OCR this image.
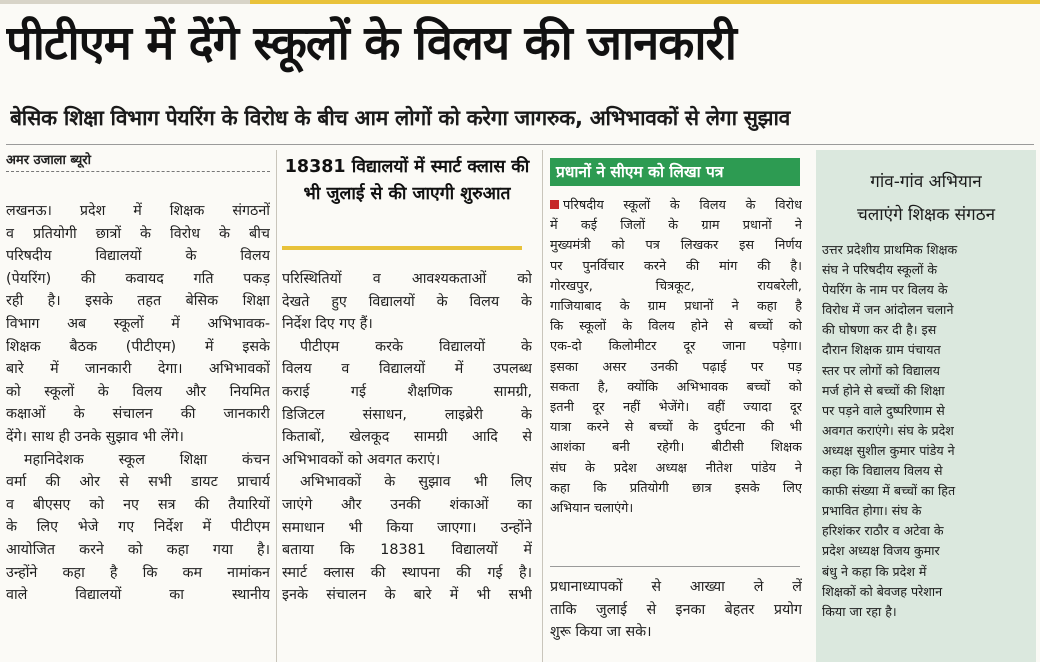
पीटीएम में देंगे स्कूलों के विलय की जानकारी
बेसिक शिक्षा विभाग पेयरिंग के विरोध के बीच आम लोगों को करेगा जागरुक, अभिभावकों से लेगा सुझाव
अमर उजाला ब्यूरो

लखनऊ। प्रदेश में शिक्षक संगठनों

व प्रतियोगी छात्रों के विरोध के बीच

परिषदीय विद्यालयों के विलय

(पेयरिंग) की कवायद गति पकड़

रही है। इसके तहत बेसिक शिक्षा

विभाग अब स्कूलों में अभिभावक-

शिक्षक बैठक (पीटीएम) में इसके

बारे में जानकारी देगा। अभिभावकों

को स्कूलों के विलय और नियमित

कक्षाओं के संचालन की जानकारी

देंगे। साथ ही उनके सुझाव भी लेंगे।

महानिदेशक स्कूल शिक्षा कंचन

वर्मा की ओर से सभी डायट प्राचार्य

व बीएसए को नए सत्र की तैयारियों

के लिए भेजे गए निर्देश में पीटीएम

आयोजित करने को कहा गया है।

उन्होंने कहा है कि कम नामांकन

वाले विद्यालयों का स्थानीय

18381 विद्यालयों में स्मार्ट क्लास की भी जुलाई से की जाएगी शुरुआत

परिस्थितियों व आवश्यकताओं को

देखते हुए विद्यालयों के विलय के

निर्देश दिए गए हैं।

पीटीएम करके विद्यालयों के

विलय व विद्यालयों में उपलब्ध

कराई गई शैक्षणिक सामग्री,

डिजिटल संसाधन, लाइब्रेरी के

किताबों, खेलकूद सामग्री आदि से

अभिभावकों को अवगत कराएं।

अभिभावकों के सुझाव भी लिए

जाएंगे और उनकी शंकाओं का

समाधान भी किया जाएगा। उन्होंने

बताया कि 18381 विद्यालयों में

स्मार्ट क्लास की स्थापना की गई है।

इनके संचालन के बारे में भी सभी

प्रधानों ने सीएम को लिखा पत्र

परिषदीय स्कूलों के विलय के विरोध

में कई जिलों के ग्राम प्रधानों ने

मुख्यमंत्री को पत्र लिखकर इस निर्णय

पर पुनर्विचार करने की मांग की है।

गोरखपुर, चित्रकूट, रायबरेली,

गाजियाबाद के ग्राम प्रधानों ने कहा है

कि स्कूलों के विलय होने से बच्चों को

एक-दो किलोमीटर दूर जाना पड़ेगा।

इसका असर उनकी पढ़ाई पर पड़

सकता है, क्योंकि अभिभावक बच्चों को

इतनी दूर नहीं भेजेंगे। वहीं ज्यादा दूर

यात्रा करने से बच्चों के दुर्घटना की भी

आशंका बनी रहेगी। बीटीसी शिक्षक

संघ के प्रदेश अध्यक्ष नीतेश पांडेय ने

कहा कि प्रतियोगी छात्र इसके लिए

अभियान चलाएंगे।

प्रधानाध्यापकों से आख्या ले लें

ताकि जुलाई से इनका बेहतर प्रयोग

शुरू किया जा सके।

गांव-गांव अभियान
चलाएंगे शिक्षक संगठन

उत्तर प्रदेशीय प्राथमिक शिक्षक

संघ ने परिषदीय स्कूलों के

पेयरिंग के नाम पर विलय के

विरोध में जन आंदोलन चलाने

की घोषणा कर दी है। इस

दौरान शिक्षक ग्राम पंचायत

स्तर पर लोगों को विद्यालय

मर्ज होने से बच्चों की शिक्षा

पर पड़ने वाले दुष्परिणाम से

अवगत कराएंगे। संघ के प्रदेश

अध्यक्ष सुशील कुमार पांडेय ने

कहा कि विद्यालय विलय से

काफी संख्या में बच्चों का हित

प्रभावित होगा। संघ के

हरिशंकर राठौर व अटेवा के

प्रदेश अध्यक्ष विजय कुमार

बंधु ने कहा कि प्रदेश में

शिक्षकों को बेवजह परेशान

किया जा रहा है।
